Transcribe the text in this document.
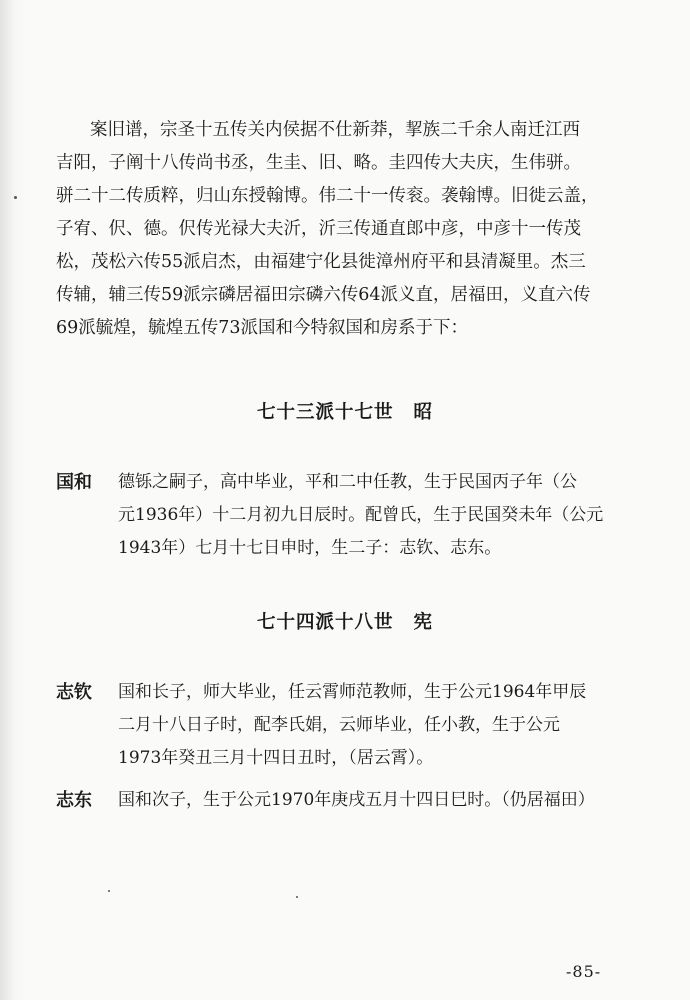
案旧谱，宗圣十五传关内侯据不仕新莽，挈族二千余人南迁江西
吉阳，子阐十八传尚书丞，生圭、旧、略。圭四传大夫庆，生伟骈。
骈二十二传质粹，归山东授翰博。伟二十一传衮。袭翰博。旧徙云盖，
子宥、伬、德。伬传光禄大夫沂，沂三传通直郎中彦，中彦十一传茂
松，茂松六传55派启杰，由福建宁化县徙漳州府平和县清凝里。杰三
传辅，辅三传59派宗磷居福田宗磷六传64派义直，居福田，义直六传
69派毓煌，毓煌五传73派国和今特叙国和房系于下：
七十三派十七世 昭
国和 德铄之嗣子，高中毕业，平和二中任教，生于民国丙子年（公
元1936年）十二月初九日辰时。配曾氏，生于民国癸未年（公元
1943年）七月十七日申时，生二子：志钦、志东。
七十四派十八世 宪
志钦 国和长子，师大毕业，任云霄师范教师，生于公元1964年甲辰
二月十八日子时，配李氏娟，云师毕业，任小教，生于公元
1973年癸丑三月十四日丑时，（居云霄）。
志东 国和次子，生于公元1970年庚戌五月十四日巳时。（仍居福田）
-85-
